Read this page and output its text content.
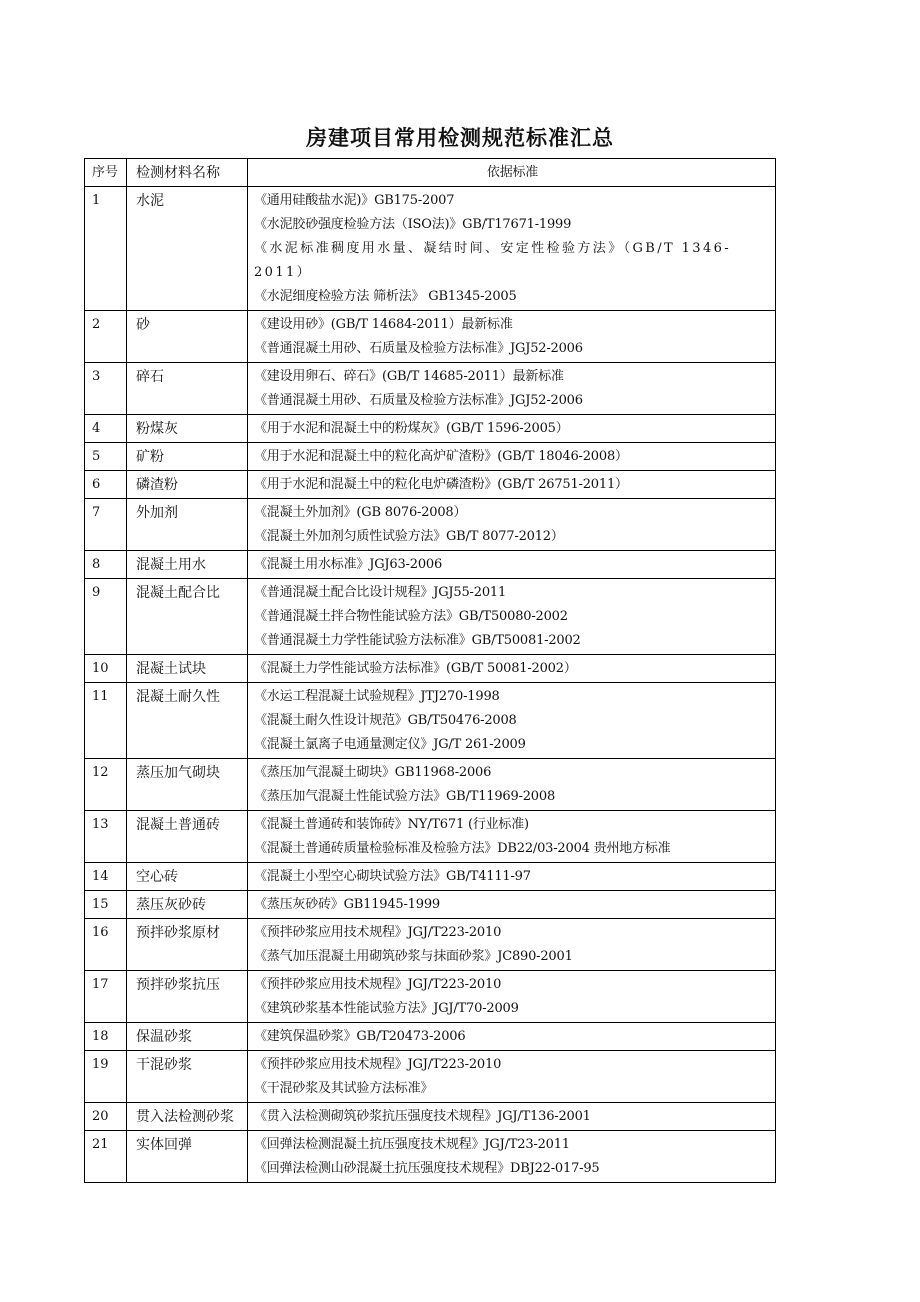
房建项目常用检测规范标准汇总
序号	检测材料名称	依据标准
1	水泥	《通用硅酸盐水泥)》GB175-2007
《水泥胶砂强度检验方法（ISO法)》GB/T17671-1999
《水泥标准稠度用水量、凝结时间、安定性检验方法》（GB/T 1346-2011）
《水泥细度检验方法 筛析法》 GB1345-2005

2	砂	《建设用砂》(GB/T 14684-2011）最新标准
《普通混凝土用砂、石质量及检验方法标准》JGJ52-2006

3	碎石	《建设用卵石、碎石》(GB/T 14685-2011）最新标准
《普通混凝土用砂、石质量及检验方法标准》JGJ52-2006

4	粉煤灰	《用于水泥和混凝土中的粉煤灰》(GB/T 1596-2005）

5	矿粉	《用于水泥和混凝土中的粒化高炉矿渣粉》(GB/T 18046-2008）

6	磷渣粉	《用于水泥和混凝土中的粒化电炉磷渣粉》(GB/T 26751-2011）

7	外加剂	《混凝土外加剂》(GB 8076-2008）
《混凝土外加剂匀质性试验方法》GB/T 8077-2012）

8	混凝土用水	《混凝土用水标准》JGJ63-2006

9	混凝土配合比	《普通混凝土配合比设计规程》JGJ55-2011
《普通混凝土拌合物性能试验方法》GB/T50080-2002
《普通混凝土力学性能试验方法标准》GB/T50081-2002

10	混凝土试块	《混凝土力学性能试验方法标准》(GB/T 50081-2002）

11	混凝土耐久性	《水运工程混凝土试验规程》JTJ270-1998
《混凝土耐久性设计规范》GB/T50476-2008
《混凝土氯离子电通量测定仪》JG/T 261-2009

12	蒸压加气砌块	《蒸压加气混凝土砌块》GB11968-2006
《蒸压加气混凝土性能试验方法》GB/T11969-2008

13	混凝土普通砖	《混凝土普通砖和装饰砖》NY/T671 (行业标准)
《混凝土普通砖质量检验标准及检验方法》DB22/03-2004 贵州地方标准

14	空心砖	《混凝土小型空心砌块试验方法》GB/T4111-97

15	蒸压灰砂砖	《蒸压灰砂砖》GB11945-1999

16	预拌砂浆原材	《预拌砂浆应用技术规程》JGJ/T223-2010
《蒸气加压混凝土用砌筑砂浆与抹面砂浆》JC890-2001

17	预拌砂浆抗压	《预拌砂浆应用技术规程》JGJ/T223-2010
《建筑砂浆基本性能试验方法》JGJ/T70-2009

18	保温砂浆	《建筑保温砂浆》GB/T20473-2006

19	干混砂浆	《预拌砂浆应用技术规程》JGJ/T223-2010
《干混砂浆及其试验方法标准》

20	贯入法检测砂浆	《贯入法检测砌筑砂浆抗压强度技术规程》JGJ/T136-2001

21	实体回弹	《回弹法检测混凝土抗压强度技术规程》JGJ/T23-2011
《回弹法检测山砂混凝土抗压强度技术规程》DBJ22-017-95
